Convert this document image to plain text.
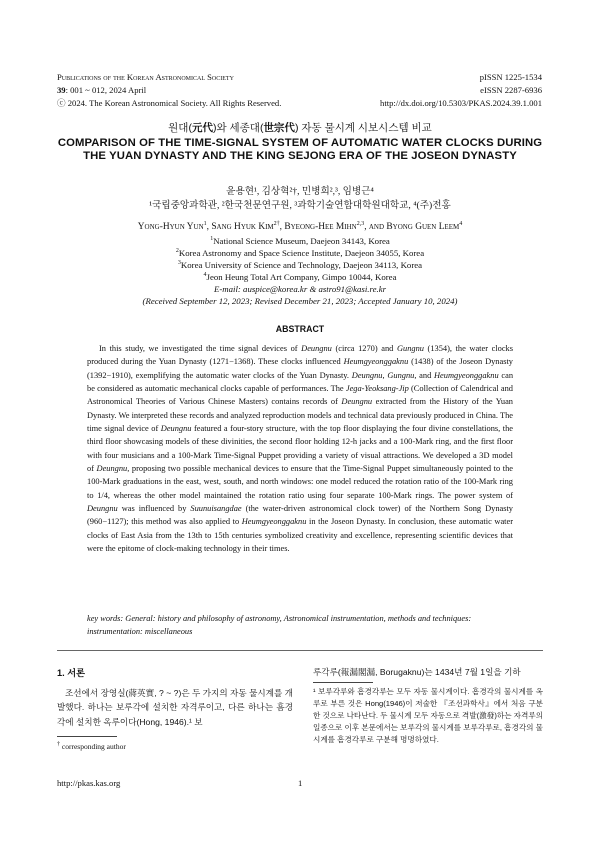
Publications of the Korean Astronomical Society
39: 001 ~ 012, 2024 April
ⓒ 2024. The Korean Astronomical Society. All Rights Reserved.
pISSN 1225-1534
eISSN 2287-6936
http://dx.doi.org/10.5303/PKAS.2024.39.1.001
원대(元代)와 세종대(世宗代) 자동 물시계 시보시스템 비교
COMPARISON OF THE TIME-SIGNAL SYSTEM OF AUTOMATIC WATER CLOCKS DURING THE YUAN DYNASTY AND THE KING SEJONG ERA OF THE JOSEON DYNASTY
윤용현¹, 김상혁²†, 민병희²,³, 임병근⁴
¹국립중앙과학관, ²한국천문연구원, ³과학기술연합대학원대학교, ⁴(주)전홍
Yong-Hyun Yun$^1$, Sang Hyuk Kim$^{2\dagger}$, Byeong-Hee Mihn$^{2,3}$, and Byong Guen Leem$^4$
$^1$National Science Museum, Daejeon 34143, Korea
$^2$Korea Astronomy and Space Science Institute, Daejeon 34055, Korea
$^3$Korea University of Science and Technology, Daejeon 34113, Korea
$^4$Jeon Heung Total Art Company, Gimpo 10044, Korea
E-mail: auspice@korea.kr & astro91@kasi.re.kr
(Received September 12, 2023; Revised December 21, 2023; Accepted January 10, 2024)
ABSTRACT

In this study, we investigated the time signal devices of Deungnu (circa 1270) and Gungnu (1354), the water clocks produced during the Yuan Dynasty (1271−1368). These clocks influenced Heumgyeonggaknu (1438) of the Joseon Dynasty (1392−1910), exemplifying the automatic water clocks of the Yuan Dynasty. Deungnu, Gungnu, and Heumgyeonggaknu can be considered as automatic mechanical clocks capable of performances. The Jega-Yeoksang-Jip (Collection of Calendrical and Astronomical Theories of Various Chinese Masters) contains records of Deungnu extracted from the History of the Yuan Dynasty. We interpreted these records and analyzed reproduction models and technical data previously produced in China. The time signal device of Deungnu featured a four-story structure, with the top floor displaying the four divine constellations, the third floor showcasing models of these divinities, the second floor holding 12-h jacks and a 100-Mark ring, and the first floor with four musicians and a 100-Mark Time-Signal Puppet providing a variety of visual attractions. We developed a 3D model of Deungnu, proposing two possible mechanical devices to ensure that the Time-Signal Puppet simultaneously pointed to the 100-Mark graduations in the east, west, south, and north windows: one model reduced the rotation ratio of the 100-Mark ring to 1/4, whereas the other model maintained the rotation ratio using four separate 100-Mark rings. The power system of Deungnu was influenced by Suunuisangdae (the water-driven astronomical clock tower) of the Northern Song Dynasty (960−1127); this method was also applied to Heumgyeonggaknu in the Joseon Dynasty. In conclusion, these automatic water clocks of East Asia from the 13th to 15th centuries symbolized creativity and excellence, representing scientific devices that were the epitome of clock-making technology in their times.

key words: General: history and philosophy of astronomy, Astronomical instrumentation, methods and techniques: instrumentation: miscellaneous

1. 서론

조선에서 장영실(蔣英實, ? ~ ?)은 두 가지의 자동 물시계를 개발했다. 하나는 보루각에 설치한 자격루이고, 다른 하나는 흠경각에 설치한 옥루이다(Hong, 1946).¹ 보

† corresponding author

루각루(報漏閣漏, Borugaknu)는 1434년 7월 1일을 기하

¹ 보루각루와 흠경각루는 모두 자동 물시계이다. 흠경각의 물시계를 옥루로 부른 것은 Hong(1946)이 저술한 『조선과학사』에서 처음 구분한 것으로 나타난다. 두 물시계 모두 자동으로 격발(激發)하는 자격루의 일종으로 이후 본문에서는 보루각의 물시계를 보루각루로, 흠경각의 물시계를 흠경각루로 구분해 명명하였다.

http://pkas.kas.org	1
